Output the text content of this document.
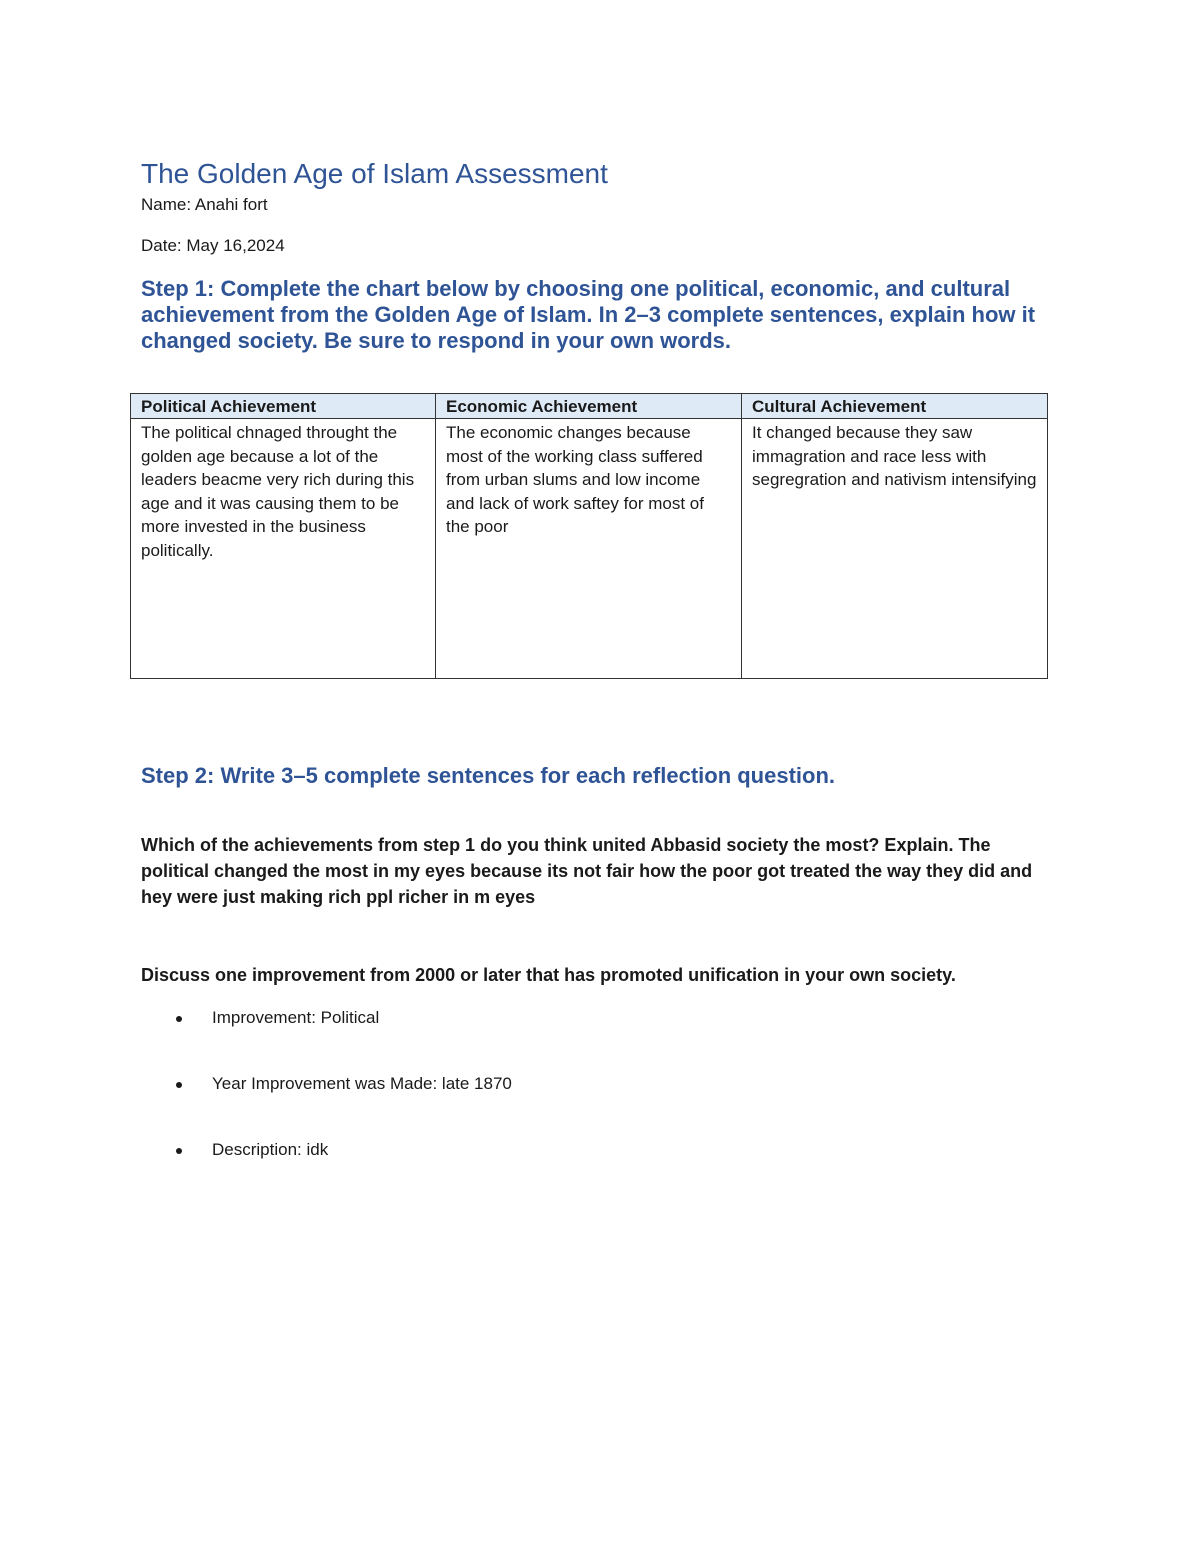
The Golden Age of Islam Assessment

Name: Anahi fort

Date: May 16,2024

Step 1: Complete the chart below by choosing one political, economic, and cultural achievement from the Golden Age of Islam. In 2–3 complete sentences, explain how it changed society. Be sure to respond in your own words.
Political Achievement	Economic Achievement	Cultural Achievement
The political chnaged throught the golden age because a lot of the leaders beacme very rich during this age and it was causing them to be more invested in the business politically.
The economic changes because most of the working class suffered from urban slums and low income and lack of work saftey for most of the poor
It changed because they saw immagration and race less with segregration and nativism intensifying
Step 2: Write 3–5 complete sentences for each reflection question.

Which of the achievements from step 1 do you think united Abbasid society the most? Explain. The political changed the most in my eyes because its not fair how the poor got treated the way they did and hey were just making rich ppl richer in m eyes

Discuss one improvement from 2000 or later that has promoted unification in your own society.

Improvement: Political
Year Improvement was Made: late 1870
Description: idk
